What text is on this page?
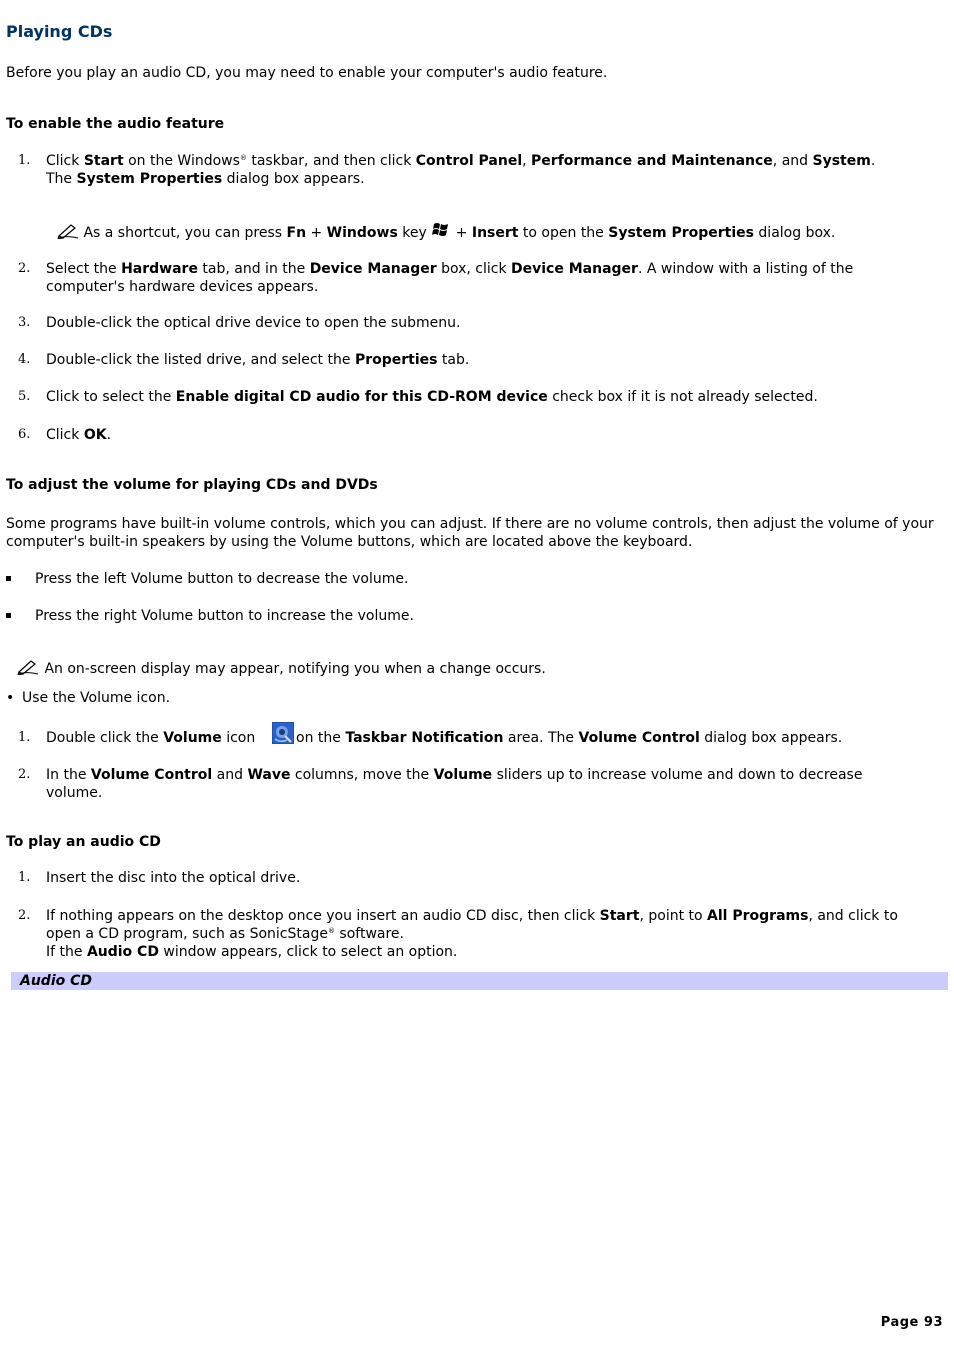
Playing CDs

Before you play an audio CD, you may need to enable your computer's audio feature.

To enable the audio feature
1. Click Start on the Windows® taskbar, and then click Control Panel, Performance and Maintenance, and System.
The System Properties dialog box appears.
As a shortcut, you can press Fn + Windows key  + Insert to open the System Properties dialog box.
2. Select the Hardware tab, and in the Device Manager box, click Device Manager. A window with a listing of the computer's hardware devices appears.
3. Double-click the optical drive device to open the submenu.
4. Double-click the listed drive, and select the Properties tab.
5. Click to select the Enable digital CD audio for this CD-ROM device check box if it is not already selected.
6. Click OK.
To adjust the volume for playing CDs and DVDs

Some programs have built-in volume controls, which you can adjust. If there are no volume controls, then adjust the volume of your computer's built-in speakers by using the Volume buttons, which are located above the keyboard.

Press the left Volume button to decrease the volume.
Press the right Volume button to increase the volume.
An on-screen display may appear, notifying you when a change occurs.
• Use the Volume icon.
1. Double click the Volume icon	on the Taskbar Notification area. The Volume Control dialog box appears.
2. In the Volume Control and Wave columns, move the Volume sliders up to increase volume and down to decrease volume.
To play an audio CD
1. Insert the disc into the optical drive.
2. If nothing appears on the desktop once you insert an audio CD disc, then click Start, point to All Programs, and click to open a CD program, such as SonicStage® software.
If the Audio CD window appears, click to select an option.
Audio CD
Page 93
